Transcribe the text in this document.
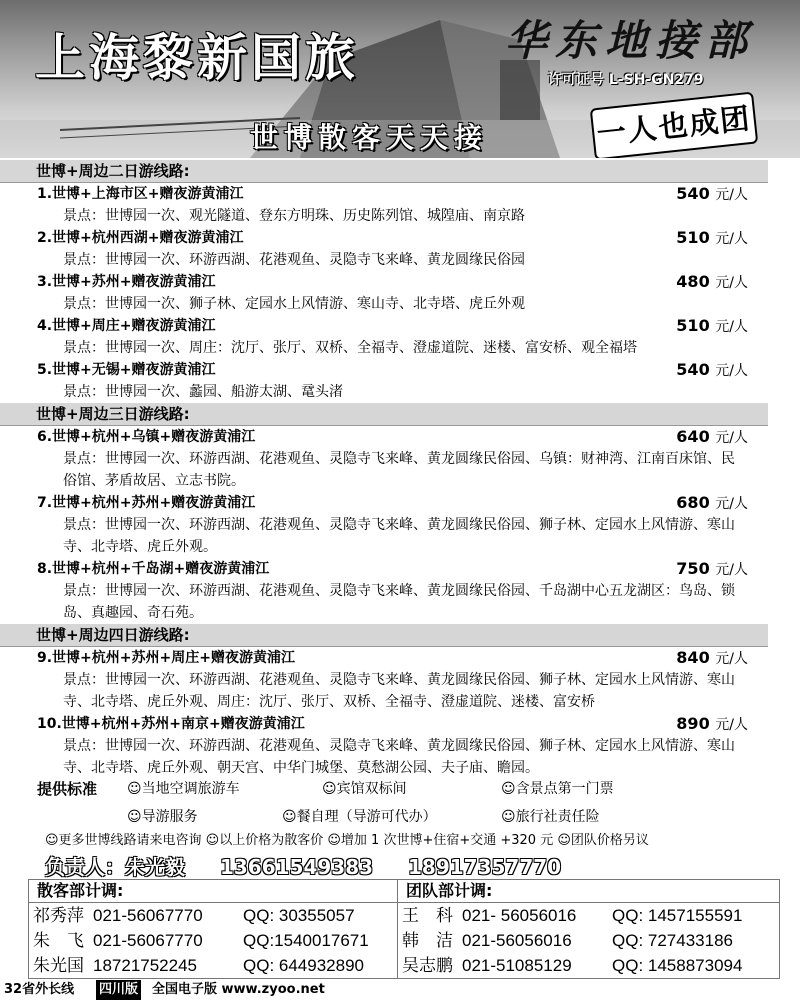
上海黎新国旅	华东地接部
许可证号 L-SH-GN279
世博散客天天接	一人也成团
世博+周边二日游线路:
1.世博+上海市区+赠夜游黄浦江	540 元/人
景点：世博园一次、观光隧道、登东方明珠、历史陈列馆、城隍庙、南京路
2.世博+杭州西湖+赠夜游黄浦江	510 元/人
景点：世博园一次、环游西湖、花港观鱼、灵隐寺飞来峰、黄龙圆缘民俗园
3.世博+苏州+赠夜游黄浦江	480 元/人
景点：世博园一次、狮子林、定园水上风情游、寒山寺、北寺塔、虎丘外观
4.世博+周庄+赠夜游黄浦江	510 元/人
景点：世博园一次、周庄：沈厅、张厅、双桥、全福寺、澄虚道院、迷楼、富安桥、观全福塔
5.世博+无锡+赠夜游黄浦江	540 元/人
景点：世博园一次、蠡园、船游太湖、鼋头渚
世博+周边三日游线路:
6.世博+杭州+乌镇+赠夜游黄浦江	640 元/人
景点：世博园一次、环游西湖、花港观鱼、灵隐寺飞来峰、黄龙圆缘民俗园、乌镇：财神湾、江南百床馆、民俗馆、茅盾故居、立志书院。
7.世博+杭州+苏州+赠夜游黄浦江	680 元/人
景点：世博园一次、环游西湖、花港观鱼、灵隐寺飞来峰、黄龙圆缘民俗园、狮子林、定园水上风情游、寒山寺、北寺塔、虎丘外观。
8.世博+杭州+千岛湖+赠夜游黄浦江	750 元/人
景点：世博园一次、环游西湖、花港观鱼、灵隐寺飞来峰、黄龙圆缘民俗园、千岛湖中心五龙湖区：鸟岛、锁岛、真趣园、奇石苑。
世博+周边四日游线路:
9.世博+杭州+苏州+周庄+赠夜游黄浦江	840 元/人
景点：世博园一次、环游西湖、花港观鱼、灵隐寺飞来峰、黄龙圆缘民俗园、狮子林、定园水上风情游、寒山寺、北寺塔、虎丘外观、周庄：沈厅、张厅、双桥、全福寺、澄虚道院、迷楼、富安桥
10.世博+杭州+苏州+南京+赠夜游黄浦江	890 元/人
景点：世博园一次、环游西湖、花港观鱼、灵隐寺飞来峰、黄龙圆缘民俗园、狮子林、定园水上风情游、寒山寺、北寺塔、虎丘外观、朝天宫、中华门城堡、莫愁湖公园、夫子庙、瞻园。
提供标准 ☺当地空调旅游车	☺宾馆双标间	☺含景点第一门票
☺导游服务	☺餐自理（导游可代办）	☺旅行社责任险
☺更多世博线路请来电咨询 ☺以上价格为散客价 ☺增加 1 次世博+住宿+交通 +320 元 ☺团队价格另议
负责人：朱光毅 13661549383 18917357770
散客部计调:
祁秀萍 021-56067770 QQ: 30355057
朱　飞 021-56067770 QQ:1540017671
朱光国 18721752245	QQ: 644932890
团队部计调:
王　科 021- 56056016 QQ: 1457155591
韩　洁 021-56056016 QQ: 727433186
吴志鹏 021-51085129 QQ: 1458873094
32省外长线 四川版 全国电子版 www.zyoo.net
